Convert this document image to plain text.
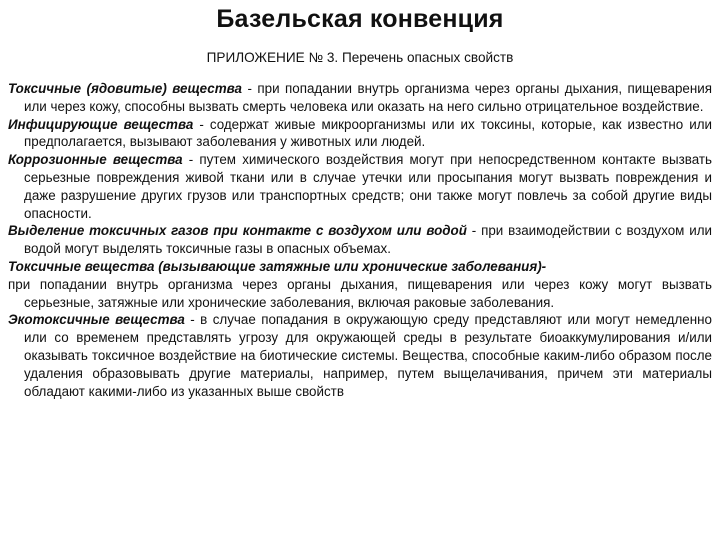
Базельская конвенция
ПРИЛОЖЕНИЕ № 3. Перечень опасных свойств

Токсичные (ядовитые) вещества - при попадании внутрь организма через органы дыхания, пищеварения или через кожу, способны вызвать смерть человека или оказать на него сильно отрицательное воздействие.

Инфицирующие вещества - содержат живые микроорганизмы или их токсины, которые, как известно или предполагается, вызывают заболевания у животных или людей.

Коррозионные вещества - путем химического воздействия могут при непосредственном контакте вызвать серьезные повреждения живой ткани или в случае утечки или просыпания могут вызвать повреждения и даже разрушение других грузов или транспортных средств; они также могут повлечь за собой другие виды опасности.

Выделение токсичных газов при контакте с воздухом или водой - при взаимодействии с воздухом или водой могут выделять токсичные газы в опасных объемах.

Токсичные вещества (вызывающие затяжные или хронические заболевания)-

при попадании внутрь организма через органы дыхания, пищеварения или через кожу могут вызвать серьезные, затяжные или хронические заболевания, включая раковые заболевания.

Экотоксичные вещества - в случае попадания в окружающую среду представляют или могут немедленно или со временем представлять угрозу для окружающей среды в результате биоаккумулирования и/или оказывать токсичное воздействие на биотические системы. Вещества, способные каким-либо образом после удаления образовывать другие материалы, например, путем выщелачивания, причем эти материалы обладают какими-либо из указанных выше свойств
